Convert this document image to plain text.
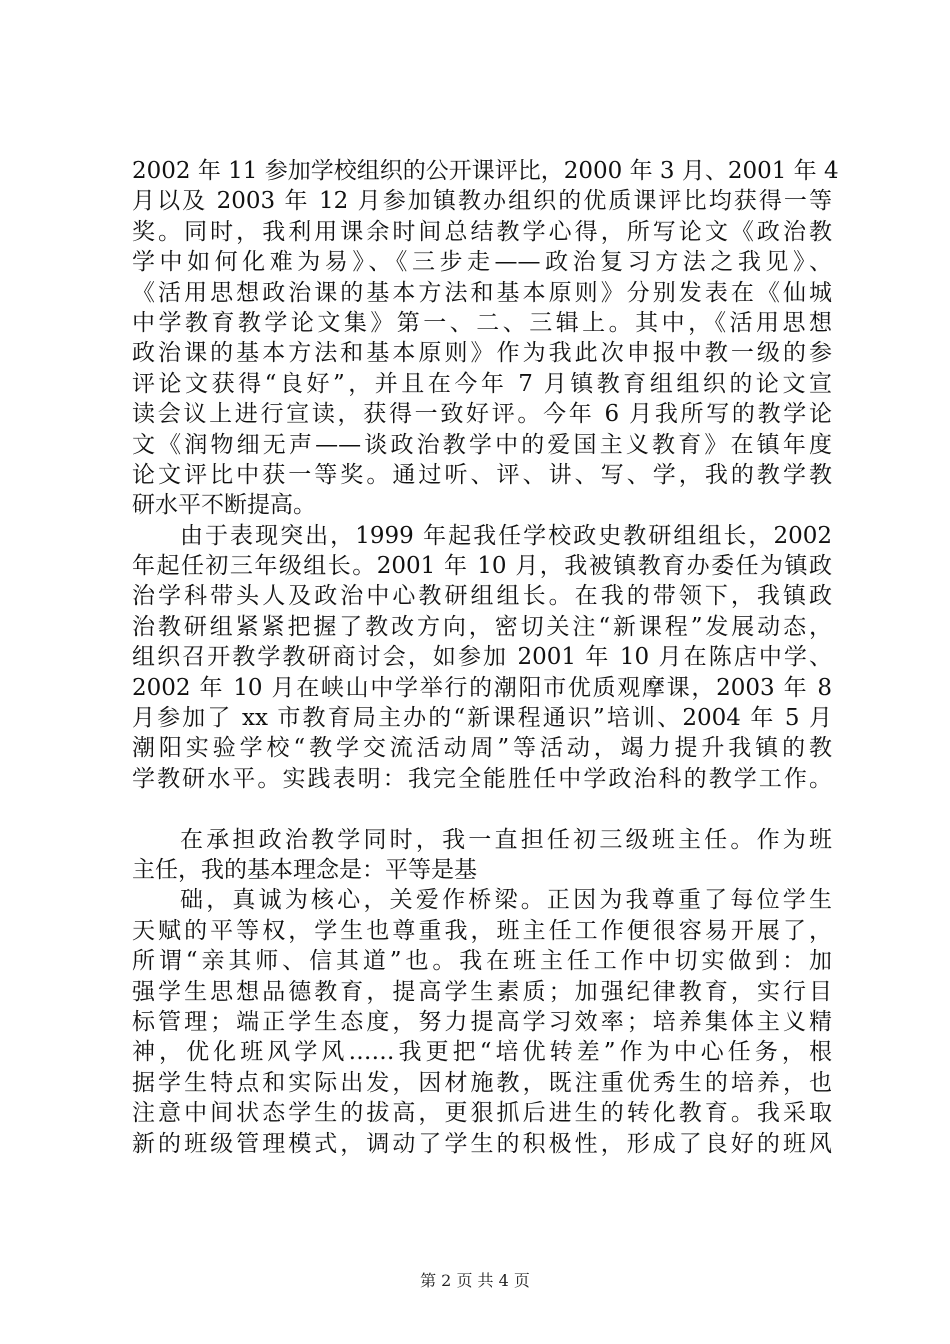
2002 年 11 参加学校组织的公开课评比，2000 年 3 月、2001 年 4
月以及 2003 年 12 月参加镇教办组织的优质课评比均获得一等
奖。同时，我利用课余时间总结教学心得，所写论文《政治教
学中如何化难为易》、《三步走——政治复习方法之我见》、
《活用思想政治课的基本方法和基本原则》分别发表在《仙城
中学教育教学论文集》第一、二、三辑上。其中，《活用思想
政治课的基本方法和基本原则》作为我此次申报中教一级的参
评论文获得“良好”，并且在今年 7 月镇教育组组织的论文宣
读会议上进行宣读，获得一致好评。今年 6 月我所写的教学论
文《润物细无声——谈政治教学中的爱国主义教育》在镇年度
论文评比中获一等奖。通过听、评、讲、写、学，我的教学教
研水平不断提高。
由于表现突出，1999 年起我任学校政史教研组组长，2002
年起任初三年级组长。2001 年 10 月，我被镇教育办委任为镇政
治学科带头人及政治中心教研组组长。在我的带领下，我镇政
治教研组紧紧把握了教改方向，密切关注“新课程”发展动态，
组织召开教学教研商讨会，如参加 2001 年 10 月在陈店中学、
2002 年 10 月在峡山中学举行的潮阳市优质观摩课，2003 年 8
月参加了 xx 市教育局主办的“新课程通识”培训、2004 年 5 月
潮阳实验学校“教学交流活动周”等活动，竭力提升我镇的教
学教研水平。实践表明：我完全能胜任中学政治科的教学工作。
在承担政治教学同时，我一直担任初三级班主任。作为班
主任，我的基本理念是：平等是基
础，真诚为核心，关爱作桥梁。正因为我尊重了每位学生
天赋的平等权，学生也尊重我，班主任工作便很容易开展了，
所谓“亲其师、信其道”也。我在班主任工作中切实做到：加
强学生思想品德教育，提高学生素质；加强纪律教育，实行目
标管理；端正学生态度，努力提高学习效率；培养集体主义精
神，优化班风学风……我更把“培优转差”作为中心任务，根
据学生特点和实际出发，因材施教，既注重优秀生的培养，也
注意中间状态学生的拔高，更狠抓后进生的转化教育。我采取
新的班级管理模式，调动了学生的积极性，形成了良好的班风
第 2 页 共 4 页
